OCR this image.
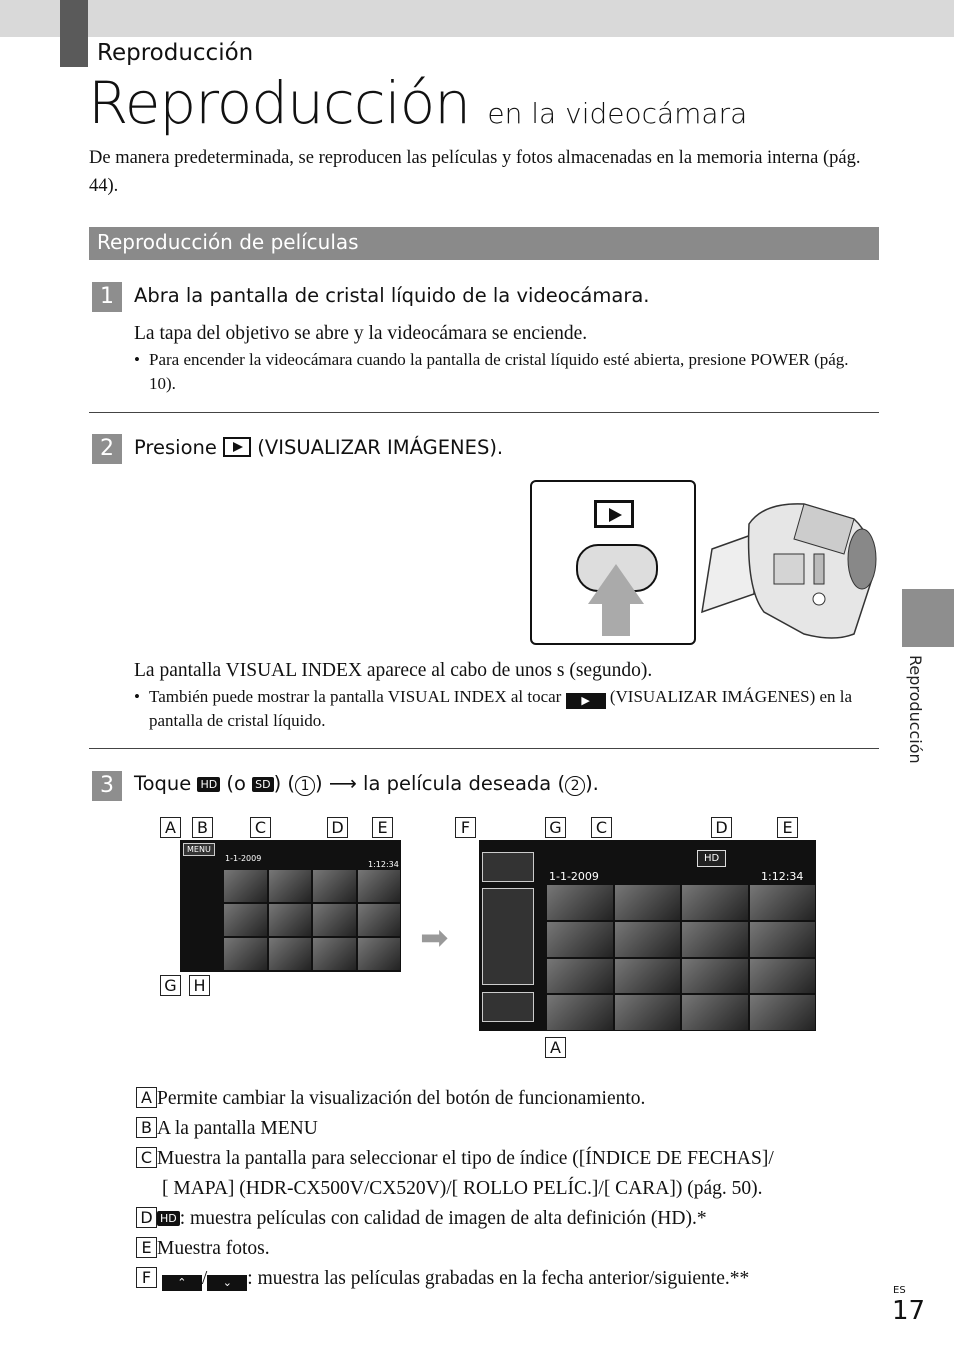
Reproducción
Reproducción en la videocámara
De manera predeterminada, se reproducen las películas y fotos almacenadas en la memoria interna (pág. 44).
Reproducción de películas
1	Abra la pantalla de cristal líquido de la videocámara.
La tapa del objetivo se abre y la videocámara se enciende.
• Para encender la videocámara cuando la pantalla de cristal líquido esté abierta, presione POWER (pág. 10).
2	Presione (VISUALIZAR IMÁGENES).
La pantalla VISUAL INDEX aparece al cabo de unos s (segundo).
• También puede mostrar la pantalla VISUAL INDEX al tocar ▶ (VISUALIZAR IMÁGENES) en la pantalla de cristal líquido.
3	Toque HD (o SD ) ( 1 ) ⟶ la película deseada ( 2 ).
MENU
1-1-2009
1:12:34
➡
1-1-2009
HD
1:12:34
A	B	C	D	E
G H
F	G	C	D	E
A
A Permite cambiar la visualización del botón de funcionamiento.
B A la pantalla MENU
C Muestra la pantalla para seleccionar el tipo de índice ([ÍNDICE DE FECHAS]/
[ MAPA] (HDR-CX500V/CX520V)/[ ROLLO PELÍC.]/[ CARA]) (pág. 50).
D HD : muestra películas con calidad de imagen de alta definición (HD).*
E Muestra fotos.
F ⌃ / ⌄ : muestra las películas grabadas en la fecha anterior/siguiente.**
Reproducción
ES
17
